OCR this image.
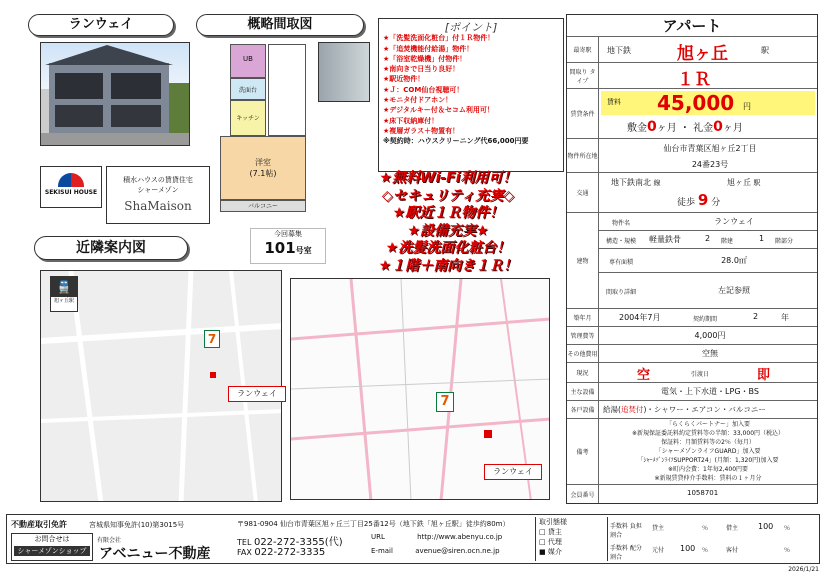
ランウェイ
SEKISUI HOUSE
積水ハウスの賃貸住宅
シャーメゾン
ShaMaison
概略間取図
UB
洗面台
キッチン
洋室
(7.1帖)
バルコニー
今回募集
101号室
[ポイント]
★「洗髪洗面化粧台」付１Ｒ物件！
★「追焚機能付給湯」物件！
★「浴室乾燥機」付物件！
★南向きで日当り良好！
★駅近物件！
★Ｊ：COM仙台視聴可！
★モニタ付ドアホン！
★デジタルキー付＆セコム利用可！
★床下収納庫付！
★複層ガラス＋物置有！
※契約時：ハウスクリーニング代66,000円要
★無料Wi-Fi利用可！
◇セキュリティ充実◇
★駅近１Ｒ物件！
★設備充実★
★洗髪洗面化粧台！
★１階＋南向き１Ｒ！
近隣案内図
🚆
旭ヶ丘駅
7
ランウェイ
7
ランウェイ
アパート
最寄駅	地下鉄	旭ヶ丘	駅
間取り タイプ	１Ｒ
賃貸条件
賃料 45,000 円
敷金0ヶ月 ・ 礼金0ヶ月
物件所在地
仙台市青葉区旭ヶ丘2丁目
24番23号
交通
地下鉄南北 線	旭ヶ丘 駅
徒歩 9 分
建物
物件名	ランウェイ
構造・規模	軽量鉄骨	2 階建	1 階部分
専有面積	28.0㎡
間取り詳細	左記参照
築年月	2004年7月	契約期間	2	年
管理費等	4,000円
その他費用	空無
現況	空	引渡日	即
主な設備	電気・上下水道・LPG・BS
各戸設備	給湯(追焚付)・シャワー・エアコン・バルコニー
備考
「らくらくパートナー」加入要
※新規保証委託料約定賃料等の半額：33,000円（税込）
保証料：月額賃料等の2％（毎月）
「シャーメゾンライフGUARD」加入要
「ｼｬｰﾒｿﾞﾝﾗｲﾌSUPPORT24」(月額：1,320円)加入要
※町内会費：1年毎2,400円要
※新規賃貸仲介手数料：賃料の１ヶ月分
会員番号	1058701
不動産取引免許	宮城県知事免許(10)第3015号
お問合せは
シャーメゾンショップ
有限会社
アベニュー不動産
〒981-0904 仙台市青葉区旭ヶ丘三丁目25番12号（地下鉄「旭ヶ丘駅」徒歩約80m）
TEL 022-272-3355(代)
FAX 022-272-3335
URL	http://www.abenyu.co.jp
E-mail	avenue@siren.ocn.ne.jp
取引態様
□ 貸主
□ 代理
■ 媒介
手数料 負担割合
手数料 配分割合
貸主	％	借主 100 ％
元付 100 ％	客付	％
2026/1/21
